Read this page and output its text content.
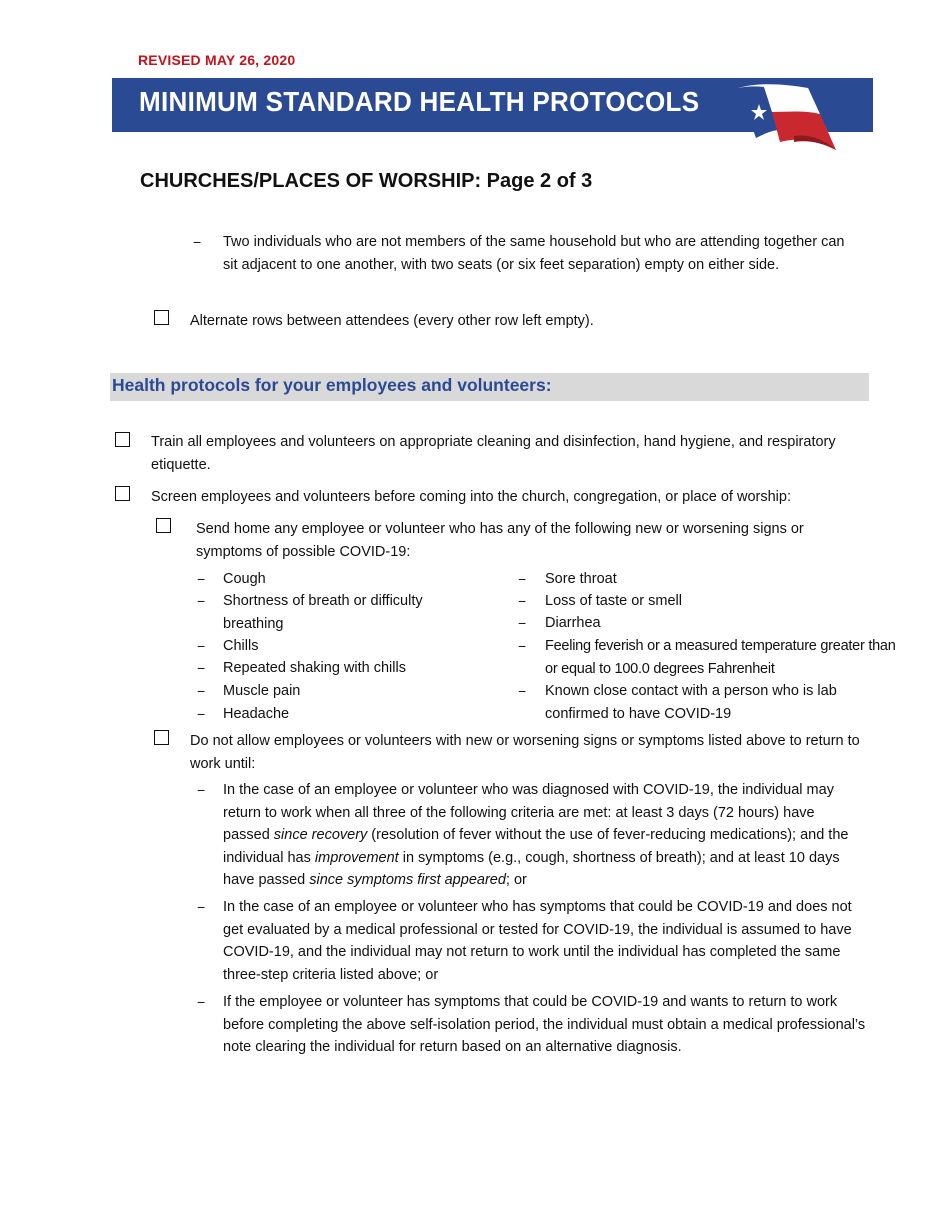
REVISED MAY 26, 2020
MINIMUM STANDARD HEALTH PROTOCOLS
CHURCHES/PLACES OF WORSHIP: Page 2 of 3
− Two individuals who are not members of the same household but who are attending together can sit adjacent to one another, with two seats (or six feet separation) empty on either side.
Alternate rows between attendees (every other row left empty).
Health protocols for your employees and volunteers:
Train all employees and volunteers on appropriate cleaning and disinfection, hand hygiene, and respiratory etiquette.
Screen employees and volunteers before coming into the church, congregation, or place of worship:
Send home any employee or volunteer who has any of the following new or worsening signs or symptoms of possible COVID-19:
− Cough
− Shortness of breath or difficulty breathing
− Chills
− Repeated shaking with chills
− Muscle pain
− Headache
− Sore throat
− Loss of taste or smell
− Diarrhea
− Feeling feverish or a measured temperature greater than or equal to 100.0 degrees Fahrenheit
− Known close contact with a person who is lab confirmed to have COVID-19
Do not allow employees or volunteers with new or worsening signs or symptoms listed above to return to work until:
− In the case of an employee or volunteer who was diagnosed with COVID-19, the individual may return to work when all three of the following criteria are met: at least 3 days (72 hours) have passed since recovery (resolution of fever without the use of fever-reducing medications); and the individual has improvement in symptoms (e.g., cough, shortness of breath); and at least 10 days have passed since symptoms first appeared; or
− In the case of an employee or volunteer who has symptoms that could be COVID-19 and does not get evaluated by a medical professional or tested for COVID-19, the individual is assumed to have COVID-19, and the individual may not return to work until the individual has completed the same three-step criteria listed above; or
− If the employee or volunteer has symptoms that could be COVID-19 and wants to return to work before completing the above self-isolation period, the individual must obtain a medical professional’s note clearing the individual for return based on an alternative diagnosis.
